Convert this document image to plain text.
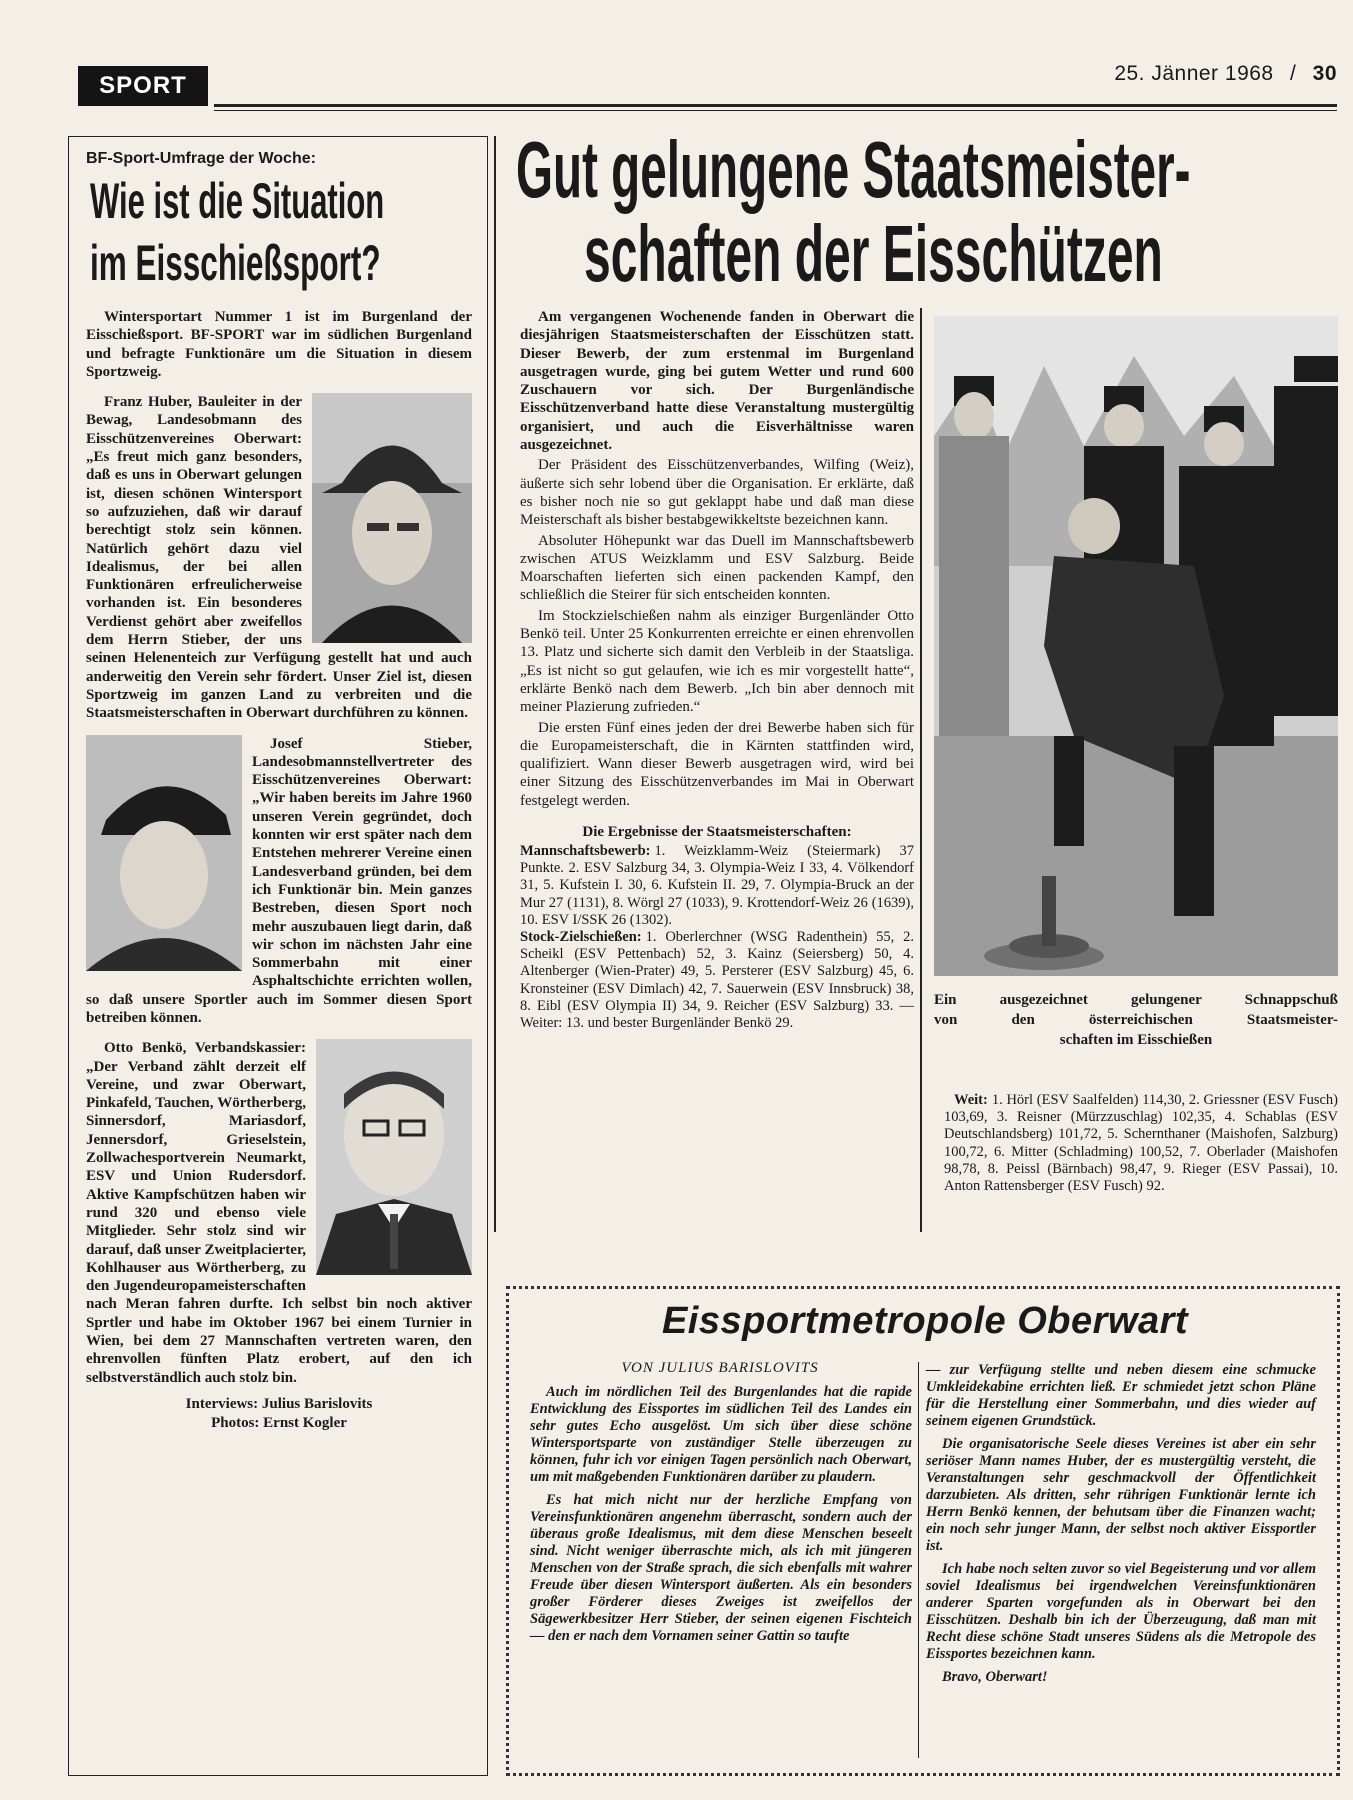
SPORT	25. Jänner 1968 / 30
BF-Sport-Umfrage der Woche:
Wie ist die Situation
im Eisschießsport?

Wintersportart Nummer 1 ist im Burgenland der Eisschießsport. BF-SPORT war im südlichen Burgenland und befragte Funktionäre um die Situation in diesem Sportzweig.

Franz Huber, Bauleiter in der Bewag, Landesobmann des Eisschützenvereines Oberwart: „Es freut mich ganz besonders, daß es uns in Oberwart gelungen ist, diesen schönen Wintersport so aufzuziehen, daß wir darauf berechtigt stolz sein können. Natürlich gehört dazu viel Idealismus, der bei allen Funktionären erfreulicherweise vorhanden ist. Ein besonderes Verdienst gehört aber zweifellos dem Herrn Stieber, der uns seinen Helenenteich zur Verfügung gestellt hat und auch anderweitig den Verein sehr fördert. Unser Ziel ist, diesen Sportzweig im ganzen Land zu verbreiten und die Staatsmeisterschaften in Oberwart durchführen zu können.

Josef Stieber, Landesobmannstellvertreter des Eisschützenvereines Oberwart: „Wir haben bereits im Jahre 1960 unseren Verein gegründet, doch konnten wir erst später nach dem Entstehen mehrerer Vereine einen Landesverband gründen, bei dem ich Funktionär bin. Mein ganzes Bestreben, diesen Sport noch mehr auszubauen liegt darin, daß wir schon im nächsten Jahr eine Sommerbahn mit einer Asphaltschichte errichten wollen, so daß unsere Sportler auch im Sommer diesen Sport betreiben können.

Otto Benkö, Verbandskassier: „Der Verband zählt derzeit elf Vereine, und zwar Oberwart, Pinkafeld, Tauchen, Wörtherberg, Sinnersdorf, Mariasdorf, Jennersdorf, Grieselstein, Zollwachesportverein Neumarkt, ESV und Union Rudersdorf. Aktive Kampfschützen haben wir rund 320 und ebenso viele Mitglieder. Sehr stolz sind wir darauf, daß unser Zweitplacierter, Kohlhauser aus Wörtherberg, zu den Jugendeuropameisterschaften nach Meran fahren durfte. Ich selbst bin noch aktiver Sprtler und habe im Oktober 1967 bei einem Turnier in Wien, bei dem 27 Mannschaften vertreten waren, den ehrenvollen fünften Platz erobert, auf den ich selbstverständlich auch stolz bin.

Interviews: Julius Barislovits
Photos: Ernst Kogler
Gut gelungene Staatsmeister-
schaften der Eisschützen

Am vergangenen Wochenende fanden in Oberwart die diesjährigen Staatsmeisterschaften der Eisschützen statt. Dieser Bewerb, der zum erstenmal im Burgenland ausgetragen wurde, ging bei gutem Wetter und rund 600 Zuschauern vor sich. Der Burgenländische Eisschützenverband hatte diese Veranstaltung mustergültig organisiert, und auch die Eisverhältnisse waren ausgezeichnet.

Der Präsident des Eisschützenverbandes, Wilfing (Weiz), äußerte sich sehr lobend über die Organisation. Er erklärte, daß es bisher noch nie so gut geklappt habe und daß man diese Meisterschaft als bisher bestabgewikkeltste bezeichnen kann.

Absoluter Höhepunkt war das Duell im Mannschaftsbewerb zwischen ATUS Weizklamm und ESV Salzburg. Beide Moarschaften lieferten sich einen packenden Kampf, den schließlich die Steirer für sich entscheiden konnten.

Im Stockzielschießen nahm als einziger Burgenländer Otto Benkö teil. Unter 25 Konkurrenten erreichte er einen ehrenvollen 13. Platz und sicherte sich damit den Verbleib in der Staatsliga. „Es ist nicht so gut gelaufen, wie ich es mir vorgestellt hatte“, erklärte Benkö nach dem Bewerb. „Ich bin aber dennoch mit meiner Plazierung zufrieden.“

Die ersten Fünf eines jeden der drei Bewerbe haben sich für die Europameisterschaft, die in Kärnten stattfinden wird, qualifiziert. Wann dieser Bewerb ausgetragen wird, wird bei einer Sitzung des Eisschützenverbandes im Mai in Oberwart festgelegt werden.

Die Ergebnisse der Staatsmeisterschaften:

Mannschaftsbewerb: 1. Weizklamm-Weiz (Steiermark) 37 Punkte. 2. ESV Salzburg 34, 3. Olympia-Weiz I 33, 4. Völkendorf 31, 5. Kufstein I. 30, 6. Kufstein II. 29, 7. Olympia-Bruck an der Mur 27 (1131), 8. Wörgl 27 (1033), 9. Krottendorf-Weiz 26 (1639), 10. ESV I/SSK 26 (1302).

Stock-Zielschießen: 1. Oberlerchner (WSG Radenthein) 55, 2. Scheikl (ESV Pettenbach) 52, 3. Kainz (Seiersberg) 50, 4. Altenberger (Wien-Prater) 49, 5. Persterer (ESV Salzburg) 45, 6. Kronsteiner (ESV Dimlach) 42, 7. Sauerwein (ESV Innsbruck) 38, 8. Eibl (ESV Olympia II) 34, 9. Reicher (ESV Salzburg) 33. — Weiter: 13. und bester Burgenländer Benkö 29.

Ein ausgezeichnet gelungener Schnappschuß
von den österreichischen Staatsmeister-
schaften im Eisschießen

Weit: 1. Hörl (ESV Saalfelden) 114,30, 2. Griessner (ESV Fusch) 103,69, 3. Reisner (Mürzzuschlag) 102,35, 4. Schablas (ESV Deutschlandsberg) 101,72, 5. Schernthaner (Maishofen, Salzburg) 100,72, 6. Mitter (Schladming) 100,52, 7. Oberlader (Maishofen 98,78, 8. Peissl (Bärnbach) 98,47, 9. Rieger (ESV Passai), 10. Anton Rattensberger (ESV Fusch) 92.

Eissportmetropole Oberwart
VON JULIUS BARISLOVITS

Auch im nördlichen Teil des Burgenlandes hat die rapide Entwicklung des Eissportes im südlichen Teil des Landes ein sehr gutes Echo ausgelöst. Um sich über diese schöne Wintersportsparte von zuständiger Stelle überzeugen zu können, fuhr ich vor einigen Tagen persönlich nach Oberwart, um mit maßgebenden Funktionären darüber zu plaudern.

Es hat mich nicht nur der herzliche Empfang von Vereinsfunktionären angenehm überrascht, sondern auch der überaus große Idealismus, mit dem diese Menschen beseelt sind. Nicht weniger überraschte mich, als ich mit jüngeren Menschen von der Straße sprach, die sich ebenfalls mit wahrer Freude über diesen Wintersport äußerten. Als ein besonders großer Förderer dieses Zweiges ist zweifellos der Sägewerkbesitzer Herr Stieber, der seinen eigenen Fischteich — den er nach dem Vornamen seiner Gattin so taufte

— zur Verfügung stellte und neben diesem eine schmucke Umkleidekabine errichten ließ. Er schmiedet jetzt schon Pläne für die Herstellung einer Sommerbahn, und dies wieder auf seinem eigenen Grundstück.

Die organisatorische Seele dieses Vereines ist aber ein sehr seriöser Mann names Huber, der es mustergültig versteht, die Veranstaltungen sehr geschmackvoll der Öffentlichkeit darzubieten. Als dritten, sehr rührigen Funktionär lernte ich Herrn Benkö kennen, der behutsam über die Finanzen wacht; ein noch sehr junger Mann, der selbst noch aktiver Eissportler ist.

Ich habe noch selten zuvor so viel Begeisterung und vor allem soviel Idealismus bei irgendwelchen Vereinsfunktionären anderer Sparten vorgefunden als in Oberwart bei den Eisschützen. Deshalb bin ich der Überzeugung, daß man mit Recht diese schöne Stadt unseres Südens als die Metropole des Eissportes bezeichnen kann.

Bravo, Oberwart!
